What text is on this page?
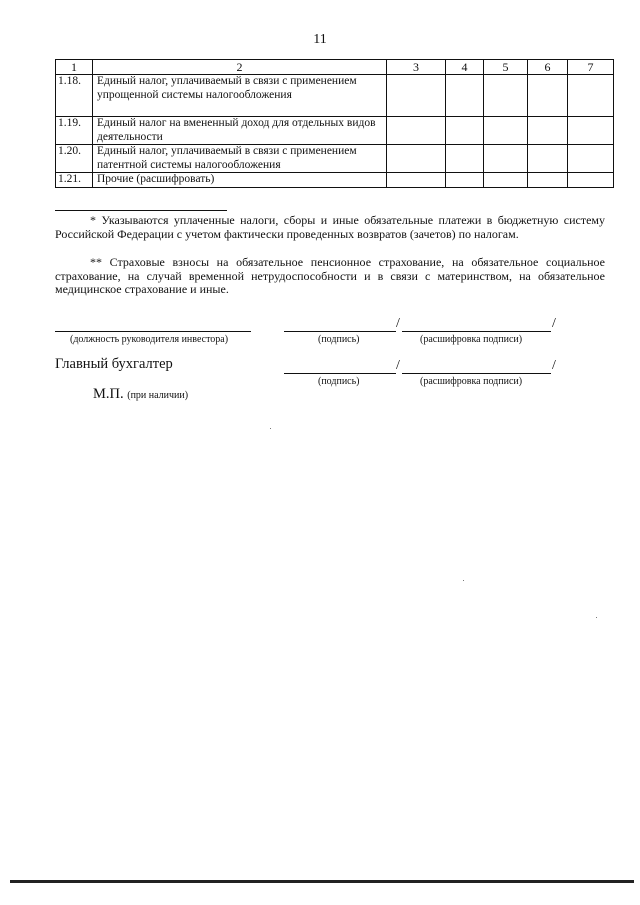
11
1	2	3	4	5	6	7
1.18.	Единый налог, уплачиваемый в связи с применением упрощенной системы налогообложения					
1.19.	Единый налог на вмененный доход для отдельных видов деятельности					
1.20.	Единый налог, уплачиваемый в связи с применением патентной системы налогообложения					
1.21.	Прочие (расшифровать)					
* Указываются уплаченные налоги, сборы и иные обязательные платежи в бюджетную систему Российской Федерации с учетом фактически проведенных возвратов (зачетов) по налогам.
** Страховые взносы на обязательное пенсионное страхование, на обязательное социальное страхование, на случай временной нетрудоспособности и в связи с материнством, на обязательное медицинское страхование и иные.
/	/
(должность руководителя инвестора)	(подпись)	(расшифровка подписи)
Главный бухгалтер	/	/
(подпись)	(расшифровка подписи)
М.П. (при наличии)
